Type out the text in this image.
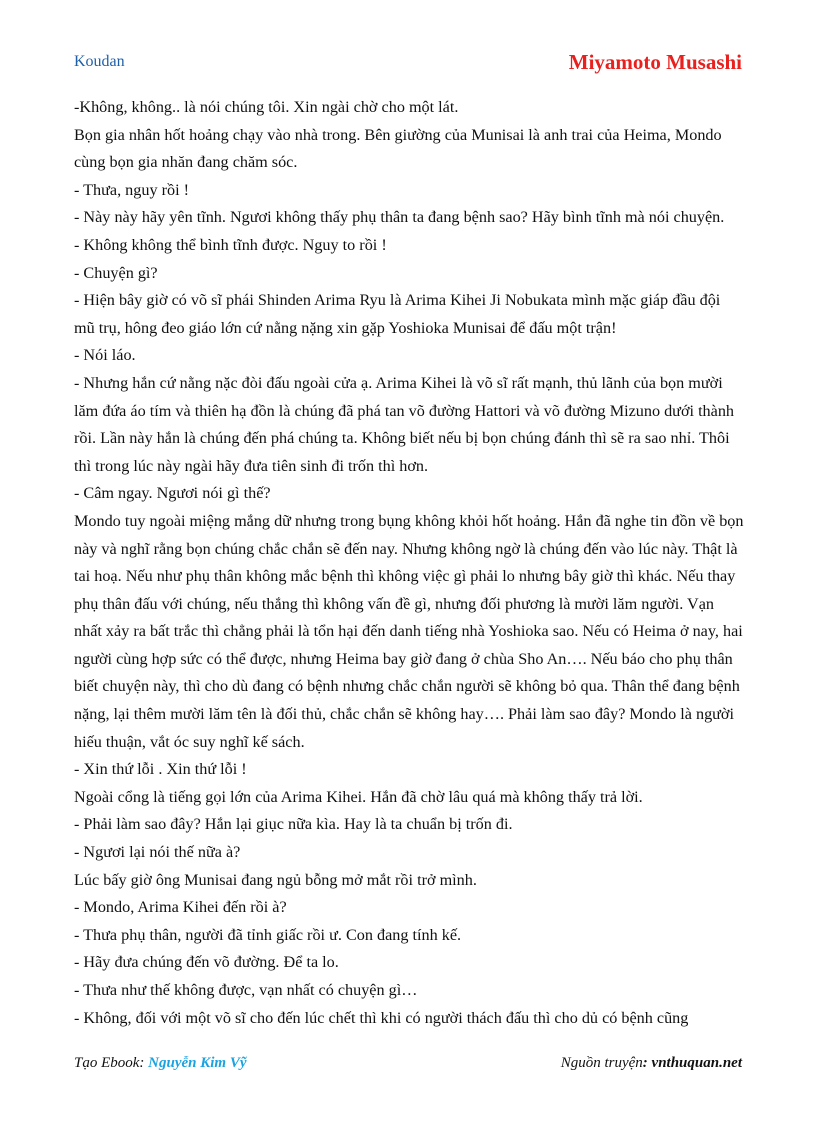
Koudan	Miyamoto Musashi

-Không, không.. là nói chúng tôi. Xin ngài chờ cho một lát.

Bọn gia nhân hốt hoảng chạy vào nhà trong. Bên giường của Munisai là anh trai của Heima, Mondo cùng bọn gia nhăn đang chăm sóc.

- Thưa, nguy rồi !

- Này này hãy yên tĩnh. Ngươi không thấy phụ thân ta đang bệnh sao? Hãy bình tĩnh mà nói chuyện.

- Không không thể bình tĩnh được. Nguy to rồi !

- Chuyện gì?

- Hiện bây giờ có võ sĩ phái Shinden Arima Ryu là Arima Kihei Ji Nobukata mình mặc giáp đầu đội mũ trụ, hông đeo giáo lớn cứ nằng nặng xin gặp Yoshioka Munisai để đấu một trận!

- Nói láo.

- Nhưng hắn cứ nằng nặc đòi đấu ngoài cửa ạ. Arima Kihei là võ sĩ rất mạnh, thủ lãnh của bọn mười lăm đứa áo tím và thiên hạ đồn là chúng đã phá tan võ đường Hattori và võ đường Mizuno dưới thành rồi. Lần này hắn là chúng đến phá chúng ta. Không biết nếu bị bọn chúng đánh thì sẽ ra sao nhỉ. Thôi thì trong lúc này ngài hãy đưa tiên sinh đi trốn thì hơn.

- Câm ngay. Ngươi nói gì thế?

Mondo tuy ngoài miệng mắng dữ nhưng trong bụng không khỏi hốt hoảng. Hắn đã nghe tin đồn về bọn này và nghĩ rằng bọn chúng chắc chắn sẽ đến nay. Nhưng không ngờ là chúng đến vào lúc này. Thật là tai hoạ. Nếu như phụ thân không mắc bệnh thì không việc gì phải lo nhưng bây giờ thì khác. Nếu thay phụ thân đấu với chúng, nếu thắng thì không vấn đề gì, nhưng đối phương là mười lăm người. Vạn nhất xảy ra bất trắc thì chẳng phải là tổn hại đến danh tiếng nhà Yoshioka sao. Nếu có Heima ở nay, hai người cùng hợp sức có thể được, nhưng Heima bay giờ đang ở chùa Sho An…. Nếu báo cho phụ thân biết chuyện này, thì cho dù đang có bệnh nhưng chắc chắn người sẽ không bỏ qua. Thân thể đang bệnh nặng, lại thêm mười lăm tên là đối thủ, chắc chắn sẽ không hay…. Phải làm sao đây? Mondo là người hiếu thuận, vắt óc suy nghĩ kế sách.

- Xin thứ lỗi . Xin thứ lỗi !

Ngoài cổng là tiếng gọi lớn của Arima Kihei. Hắn đã chờ lâu quá mà không thấy trả lời.

- Phải làm sao đây? Hắn lại giục nữa kìa. Hay là ta chuẩn bị trốn đi.

- Ngươi lại nói thế nữa à?

Lúc bấy giờ ông Munisai đang ngủ bỗng mở mắt rồi trở mình.

- Mondo, Arima Kihei đến rồi à?

- Thưa phụ thân, người đã tỉnh giấc rồi ư. Con đang tính kế.

- Hãy đưa chúng đến võ đường. Để ta lo.

- Thưa như thế không được, vạn nhất có chuyện gì…

- Không, đối với một võ sĩ cho đến lúc chết thì khi có người thách đấu thì cho dủ có bệnh cũng

Tạo Ebook: Nguyễn Kim Vỹ	Nguồn truyện: vnthuquan.net
